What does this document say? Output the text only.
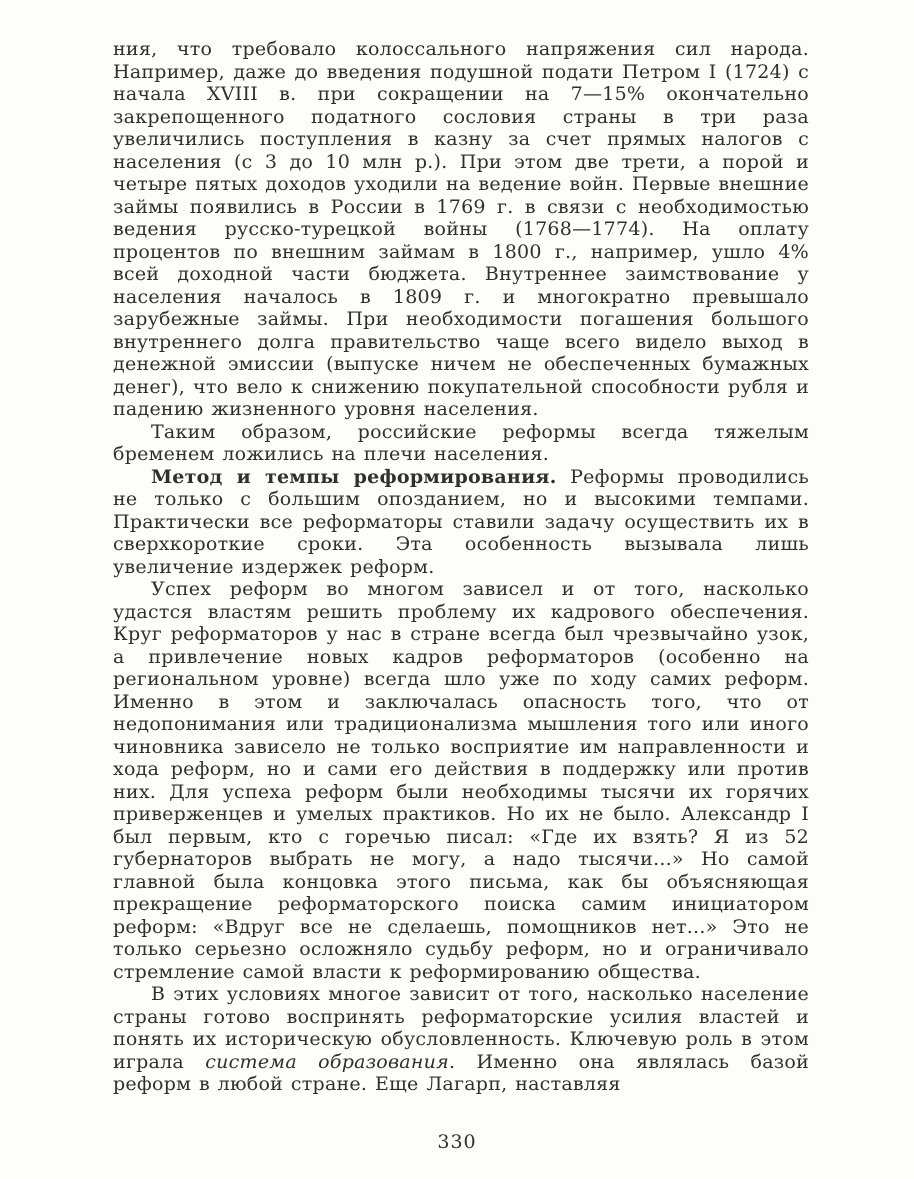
ния, что требовало колоссального напряжения сил народа. Например, даже до введения подушной подати Петром I (1724) с начала XVIII в. при сокращении на 7—15% окончательно закрепощенного податного сословия страны в три раза увеличились поступления в казну за счет прямых налогов с населения (с 3 до 10 млн р.). При этом две трети, а порой и четыре пятых доходов уходили на ведение войн. Первые внешние займы появились в России в 1769 г. в связи с необходимостью ведения русско-турецкой войны (1768—1774). На оплату процентов по внешним займам в 1800 г., например, ушло 4% всей доходной части бюджета. Внутреннее заимствование у населения началось в 1809 г. и многократно превышало зарубежные займы. При необходимости погашения большого внутреннего долга правительство чаще всего видело выход в денежной эмиссии (выпуске ничем не обеспеченных бумажных денег), что вело к снижению покупательной способности рубля и падению жизненного уровня населения.

Таким образом, российские реформы всегда тяжелым бременем ложились на плечи населения.

Метод и темпы реформирования. Реформы проводились не только с большим опозданием, но и высокими темпами. Практически все реформаторы ставили задачу осуществить их в сверхкороткие сроки. Эта особенность вызывала лишь увеличение издержек реформ.

Успех реформ во многом зависел и от того, насколько удастся властям решить проблему их кадрового обеспечения. Круг реформаторов у нас в стране всегда был чрезвычайно узок, а привлечение новых кадров реформаторов (особенно на региональном уровне) всегда шло уже по ходу самих реформ. Именно в этом и заключалась опасность того, что от недопонимания или традиционализма мышления того или иного чиновника зависело не только восприятие им направленности и хода реформ, но и сами его действия в поддержку или против них. Для успеха реформ были необходимы тысячи их горячих приверженцев и умелых практиков. Но их не было. Александр I был первым, кто с горечью писал: «Где их взять? Я из 52 губернаторов выбрать не могу, а надо тысячи...» Но самой главной была концовка этого письма, как бы объясняющая прекращение реформаторского поиска самим инициатором реформ: «Вдруг все не сделаешь, помощников нет...» Это не только серьезно осложняло судьбу реформ, но и ограничивало стремление самой власти к реформированию общества.

В этих условиях многое зависит от того, насколько население страны готово воспринять реформаторские усилия властей и понять их историческую обусловленность. Ключевую роль в этом играла система образования. Именно она являлась базой реформ в любой стране. Еще Лагарп, наставляя

330
